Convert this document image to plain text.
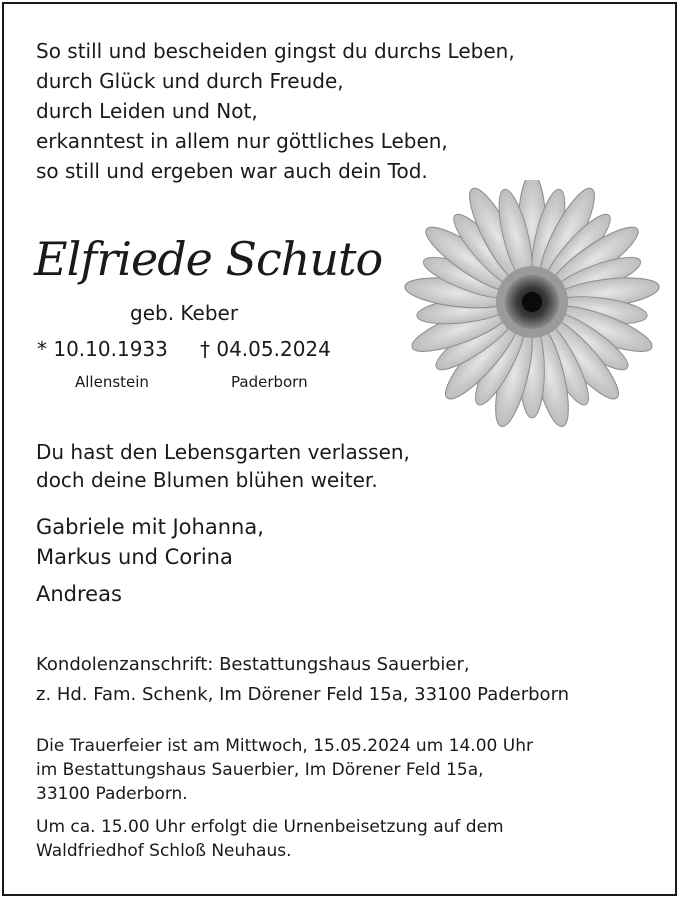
So still und bescheiden gingst du durchs Leben,
durch Glück und durch Freude,
durch Leiden und Not,
erkanntest in allem nur göttliches Leben,
so still und ergeben war auch dein Tod.
Elfriede Schuto
geb. Keber
* 10.10.1933 † 04.05.2024
Allenstein	Paderborn
Du hast den Lebensgarten verlassen,
doch deine Blumen blühen weiter.
Gabriele mit Johanna,
Markus und Corina
Andreas
Kondolenzanschrift: Bestattungshaus Sauerbier,
z. Hd. Fam. Schenk, Im Dörener Feld 15a, 33100 Paderborn
Die Trauerfeier ist am Mittwoch, 15.05.2024 um 14.00 Uhr
im Bestattungshaus Sauerbier, Im Dörener Feld 15a,
33100 Paderborn.
Um ca. 15.00 Uhr erfolgt die Urnenbeisetzung auf dem
Waldfriedhof Schloß Neuhaus.
